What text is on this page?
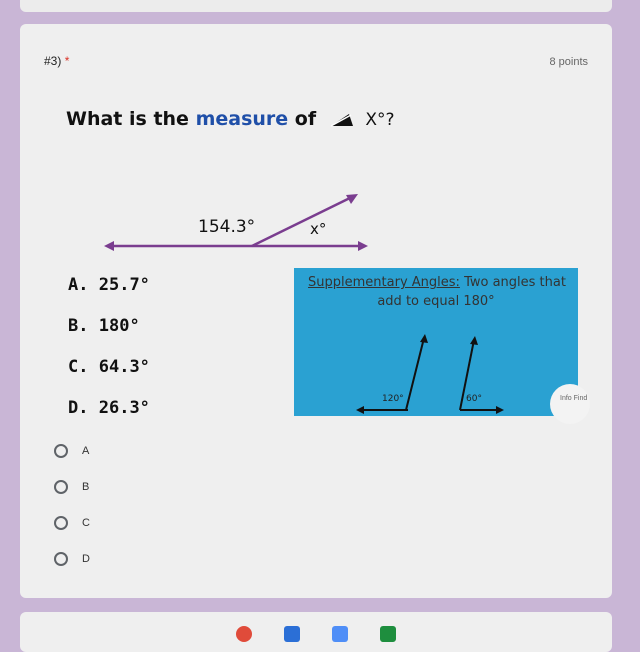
#3) *	8 points
What is the measure of	X°?
154.3°	x°
A. 25.7°
B. 180°
C. 64.3°
D. 26.3°
Supplementary Angles: Two angles that
add to equal 180°
120°	60°	Info Find
A
B
C
D
